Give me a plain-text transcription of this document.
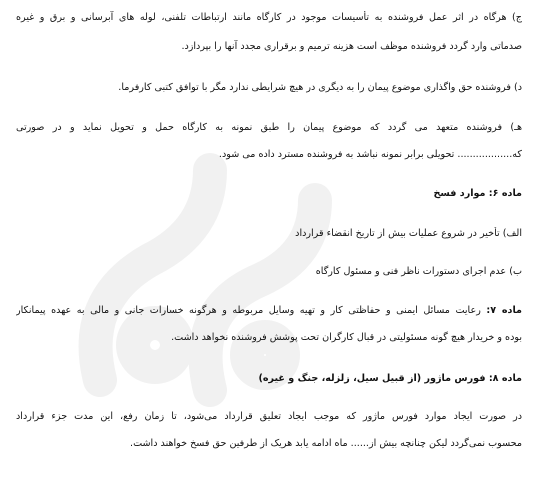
ج) هرگاه در اثر عمل فروشنده به تأسیسات موجود در کارگاه مانند ارتباطات تلفنی، لوله های آبرسانی و برق و غیره
صدماتی وارد گردد فروشنده موظف است هزینه ترمیم و برقراری مجدد آنها را بپردازد.
د) فروشنده حق واگذاری موضوع پیمان را به دیگری در هیچ شرایطی ندارد مگر با توافق کتبی کارفرما.
هـ) فروشنده متعهد می گردد که موضوع پیمان را طبق نمونه به کارگاه حمل و تحویل نماید و در صورتی
که.................. تحویلی برابر نمونه نباشد به فروشنده مسترد داده می شود.
ماده ۶: موارد فسخ
الف) تأخیر در شروع عملیات بیش از تاریخ انقضاء قرارداد
ب) عدم اجرای دستورات ناظر فنی و مسئول کارگاه
ماده ۷: رعایت مسائل ایمنی و حفاظتی کار و تهیه وسایل مربوطه و هرگونه خسارات جانی و مالی به عهده پیمانکار
بوده و خریدار هیچ گونه مسئولیتی در قبال کارگران تحت پوشش فروشنده نخواهد داشت.
ماده ۸: فورس ماژور (از قبیل سیل، زلزله، جنگ و غیره)
در صورت ایجاد موارد فورس ماژور که موجب ایجاد تعلیق قرارداد می‌شود، تا زمان رفع، این مدت جزء قرارداد
محسوب نمی‌گردد لیکن چنانچه بیش از...... ماه ادامه یابد هریک از طرفین حق فسخ خواهند داشت.
